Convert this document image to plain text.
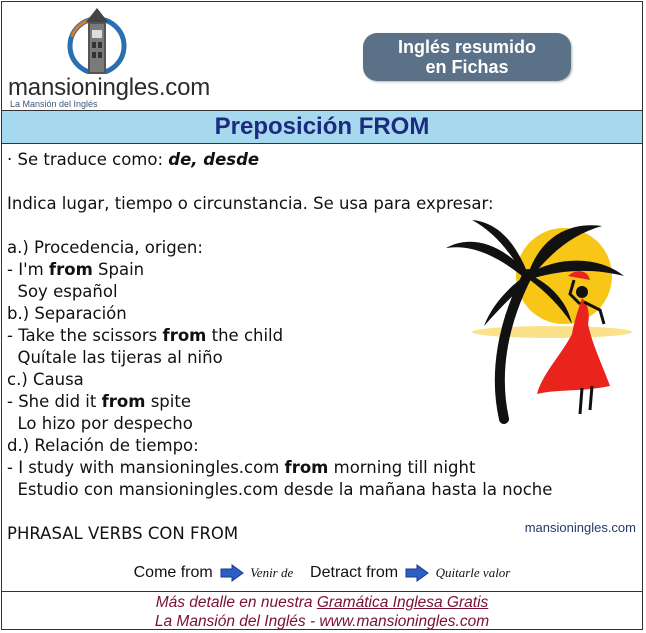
mansioningles.com
La Mansión del Inglés
Inglés resumido
en Fichas
Preposición FROM
· Se traduce como: de, desde
Indica lugar, tiempo o circunstancia. Se usa para expresar:
a.) Procedencia, origen:
- I'm from Spain
Soy español
b.) Separación
- Take the scissors from the child
Quítale las tijeras al niño
c.) Causa
- She did it from spite
Lo hizo por despecho
d.) Relación de tiempo:
- I study with mansioningles.com from morning till night
Estudio con mansioningles.com desde la mañana hasta la noche
PHRASAL VERBS CON FROM	mansioningles.com
Come from	Venir de Detract from	Quitarle valor
Más detalle en nuestra Gramática Inglesa Gratis
La Mansión del Inglés - www.mansioningles.com
